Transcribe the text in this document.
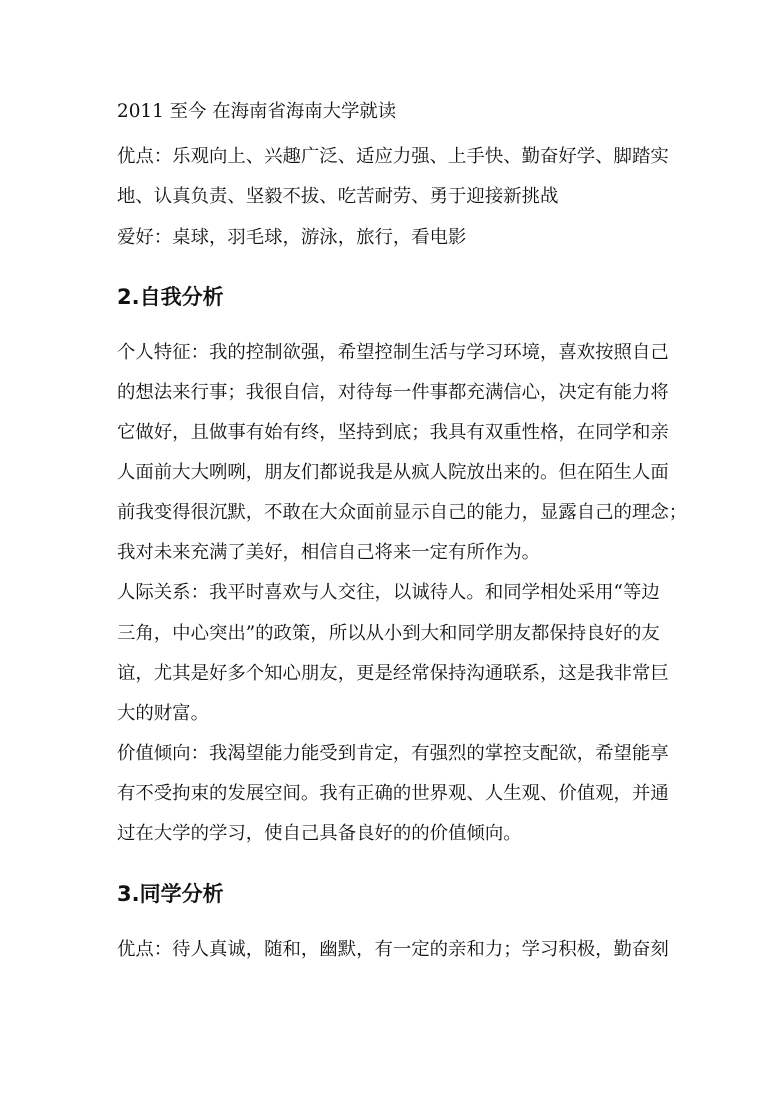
2011 至今 在海南省海南大学就读
优点：乐观向上、兴趣广泛、适应力强、上手快、勤奋好学、脚踏实
地、认真负责、坚毅不拔、吃苦耐劳、勇于迎接新挑战
爱好：桌球，羽毛球，游泳，旅行，看电影
2.自我分析
个人特征：我的控制欲强，希望控制生活与学习环境，喜欢按照自己
的想法来行事；我很自信，对待每一件事都充满信心，决定有能力将
它做好，且做事有始有终，坚持到底；我具有双重性格，在同学和亲
人面前大大咧咧，朋友们都说我是从疯人院放出来的。但在陌生人面
前我变得很沉默，不敢在大众面前显示自己的能力，显露自己的理念；
我对未来充满了美好，相信自己将来一定有所作为。
人际关系：我平时喜欢与人交往，以诚待人。和同学相处采用“等边
三角，中心突出”的政策，所以从小到大和同学朋友都保持良好的友
谊，尤其是好多个知心朋友，更是经常保持沟通联系，这是我非常巨
大的财富。
价值倾向：我渴望能力能受到肯定，有强烈的掌控支配欲，希望能享
有不受拘束的发展空间。我有正确的世界观、人生观、价值观，并通
过在大学的学习，使自己具备良好的的价值倾向。
3.同学分析
优点：待人真诚，随和，幽默，有一定的亲和力；学习积极，勤奋刻
